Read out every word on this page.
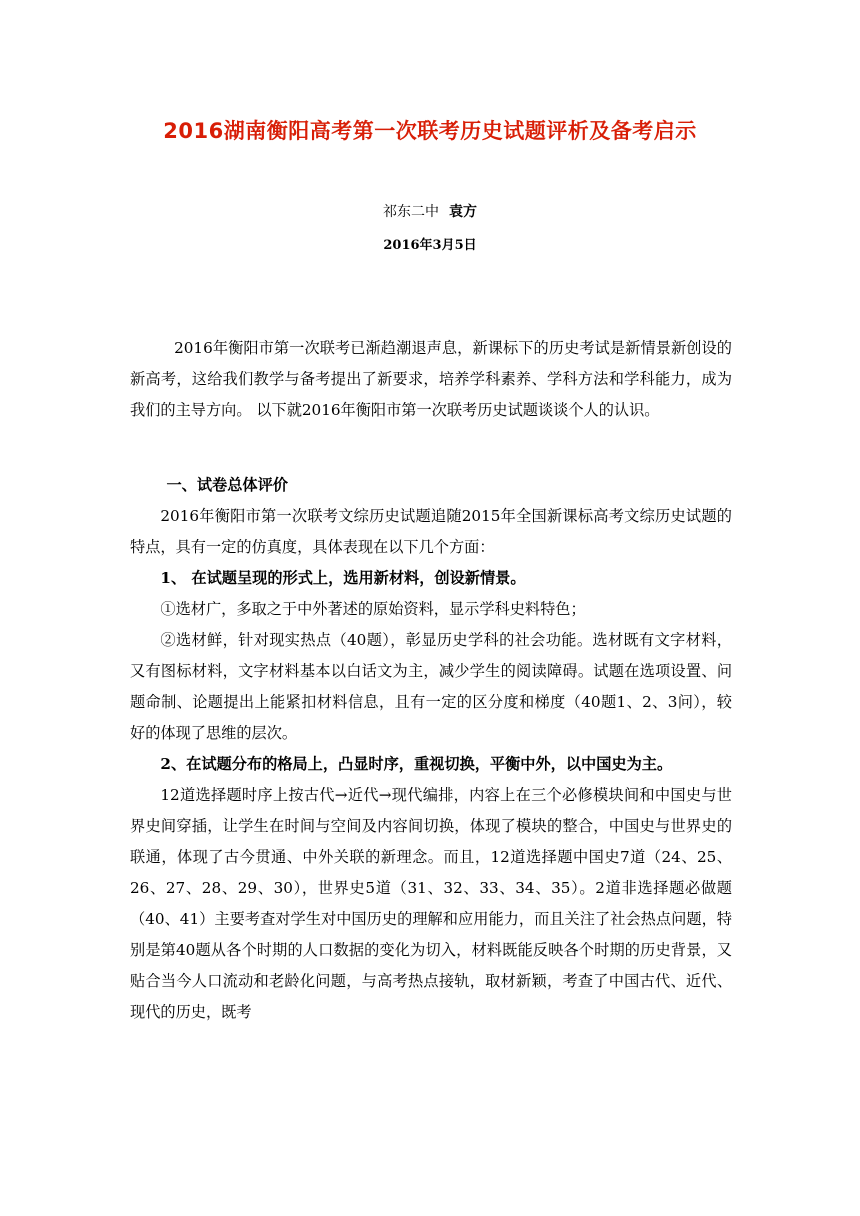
2016湖南衡阳高考第一次联考历史试题评析及备考启示
祁东二中 袁方
2016年3月5日

2016年衡阳市第一次联考已渐趋潮退声息，新课标下的历史考试是新情景新创设的新高考，这给我们教学与备考提出了新要求，培养学科素养、学科方法和学科能力，成为我们的主导方向。 以下就2016年衡阳市第一次联考历史试题谈谈个人的认识。

一、试卷总体评价

2016年衡阳市第一次联考文综历史试题追随2015年全国新课标高考文综历史试题的特点，具有一定的仿真度，具体表现在以下几个方面：

1、 在试题呈现的形式上，选用新材料，创设新情景。

①选材广，多取之于中外著述的原始资料，显示学科史料特色；

②选材鲜，针对现实热点（40题），彰显历史学科的社会功能。选材既有文字材料，又有图标材料，文字材料基本以白话文为主，减少学生的阅读障碍。试题在选项设置、问题命制、论题提出上能紧扣材料信息，且有一定的区分度和梯度（40题1、2、3问），较好的体现了思维的层次。

2、在试题分布的格局上，凸显时序，重视切换，平衡中外，以中国史为主。

12道选择题时序上按古代→近代→现代编排，内容上在三个必修模块间和中国史与世界史间穿插，让学生在时间与空间及内容间切换，体现了模块的整合，中国史与世界史的联通，体现了古今贯通、中外关联的新理念。而且，12道选择题中国史7道（24、25、26、27、28、29、30），世界史5道（31、32、33、34、35）。2道非选择题必做题（40、41）主要考查对学生对中国历史的理解和应用能力，而且关注了社会热点问题，特别是第40题从各个时期的人口数据的变化为切入，材料既能反映各个时期的历史背景，又贴合当今人口流动和老龄化问题，与高考热点接轨，取材新颖，考查了中国古代、近代、现代的历史，既考
